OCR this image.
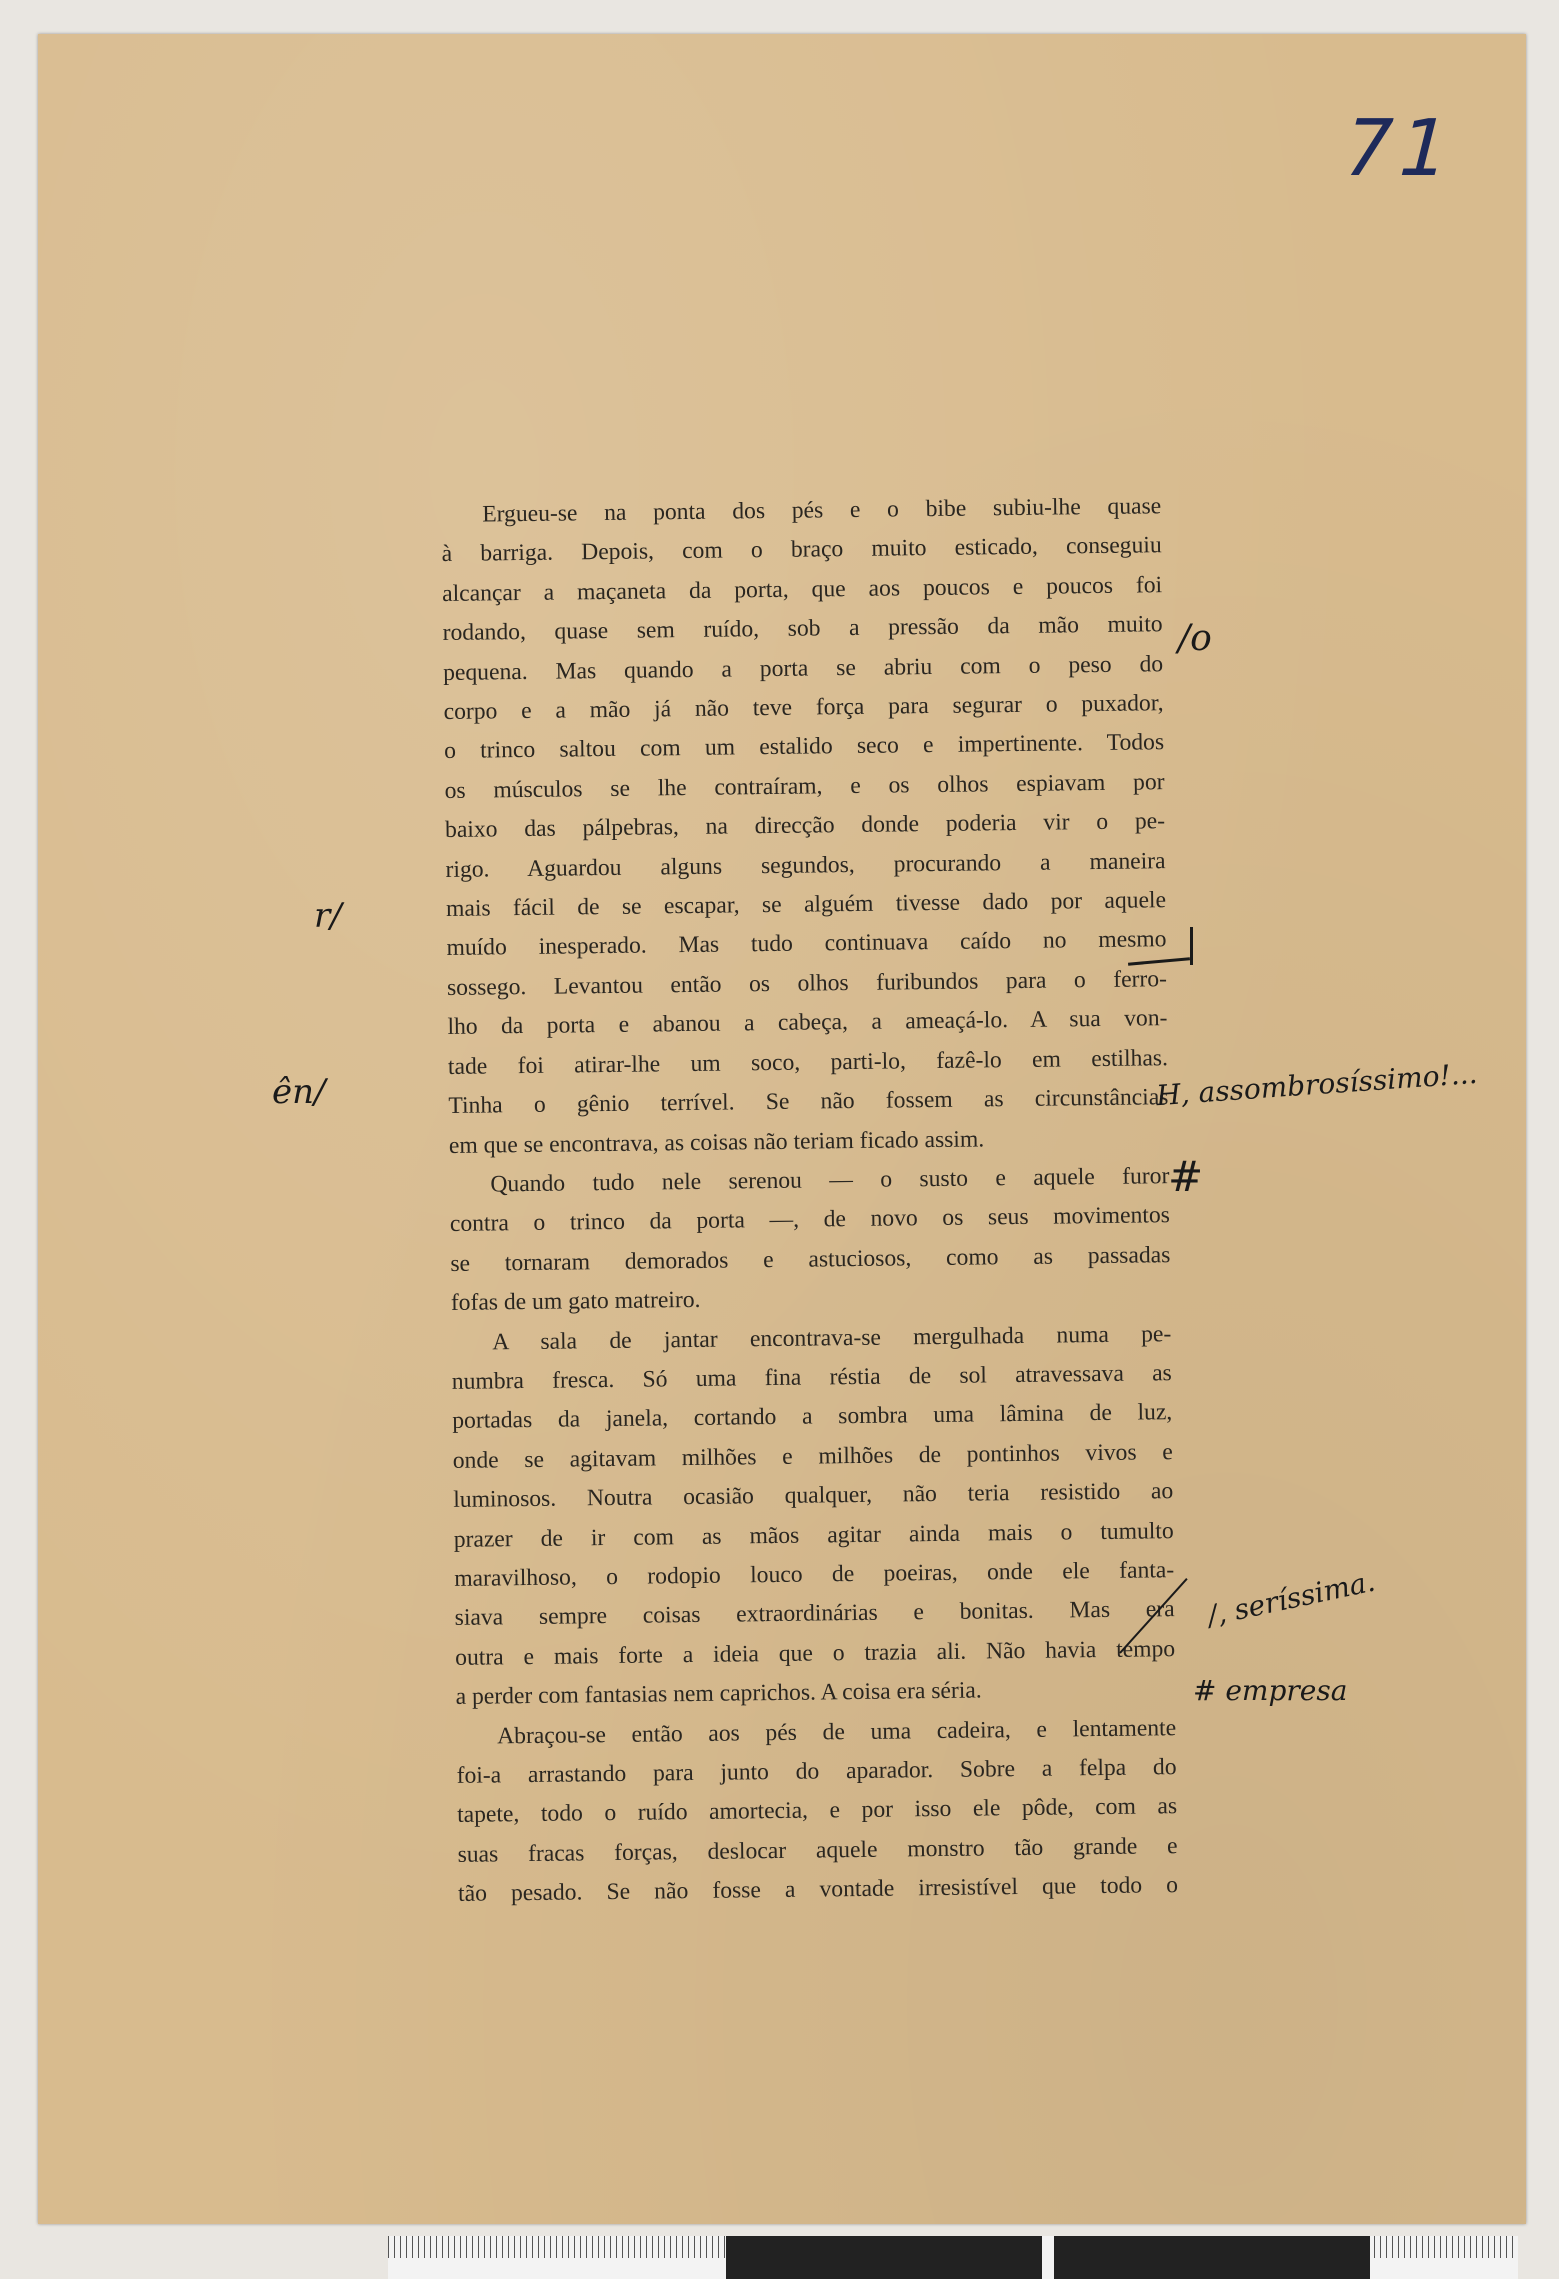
71
Ergueu-se na ponta dos pés e o bibe subiu-lhe quase
à barriga. Depois, com o braço muito esticado, conseguiu
alcançar a maçaneta da porta, que aos poucos e poucos foi
rodando, quase sem ruído, sob a pressão da mão muito
pequena. Mas quando a porta se abriu com o peso do
corpo e a mão já não teve força para segurar o puxador,
o trinco saltou com um estalido seco e impertinente. Todos
os músculos se lhe contraíram, e os olhos espiavam por
baixo das pálpebras, na direcção donde poderia vir o pe-
rigo. Aguardou alguns segundos, procurando a maneira
mais fácil de se escapar, se alguém tivesse dado por aquele
muído inesperado. Mas tudo continuava caído no mesmo
sossego. Levantou então os olhos furibundos para o ferro-
lho da porta e abanou a cabeça, a ameaçá-lo. A sua von-
tade foi atirar-lhe um soco, parti-lo, fazê-lo em estilhas.
Tinha o gênio terrível. Se não fossem as circunstâncias
em que se encontrava, as coisas não teriam ficado assim.
Quando tudo nele serenou — o susto e aquele furor
contra o trinco da porta —, de novo os seus movimentos
se tornaram demorados e astuciosos, como as passadas
fofas de um gato matreiro.
A sala de jantar encontrava-se mergulhada numa pe-
numbra fresca. Só uma fina réstia de sol atravessava as
portadas da janela, cortando a sombra uma lâmina de luz,
onde se agitavam milhões e milhões de pontinhos vivos e
luminosos. Noutra ocasião qualquer, não teria resistido ao
prazer de ir com as mãos agitar ainda mais o tumulto
maravilhoso, o rodopio louco de poeiras, onde ele fanta-
siava sempre coisas extraordinárias e bonitas. Mas era
outra e mais forte a ideia que o trazia ali. Não havia tempo
a perder com fantasias nem caprichos. A coisa era séria.
Abraçou-se então aos pés de uma cadeira, e lentamente
foi-a arrastando para junto do aparador. Sobre a felpa do
tapete, todo o ruído amortecia, e por isso ele pôde, com as
suas fracas forças, deslocar aquele monstro tão grande e
tão pesado. Se não fosse a vontade irresistível que todo o
r/
ên/
/o
H, assombrosíssimo!...
#
/, seríssima.
# empresa
